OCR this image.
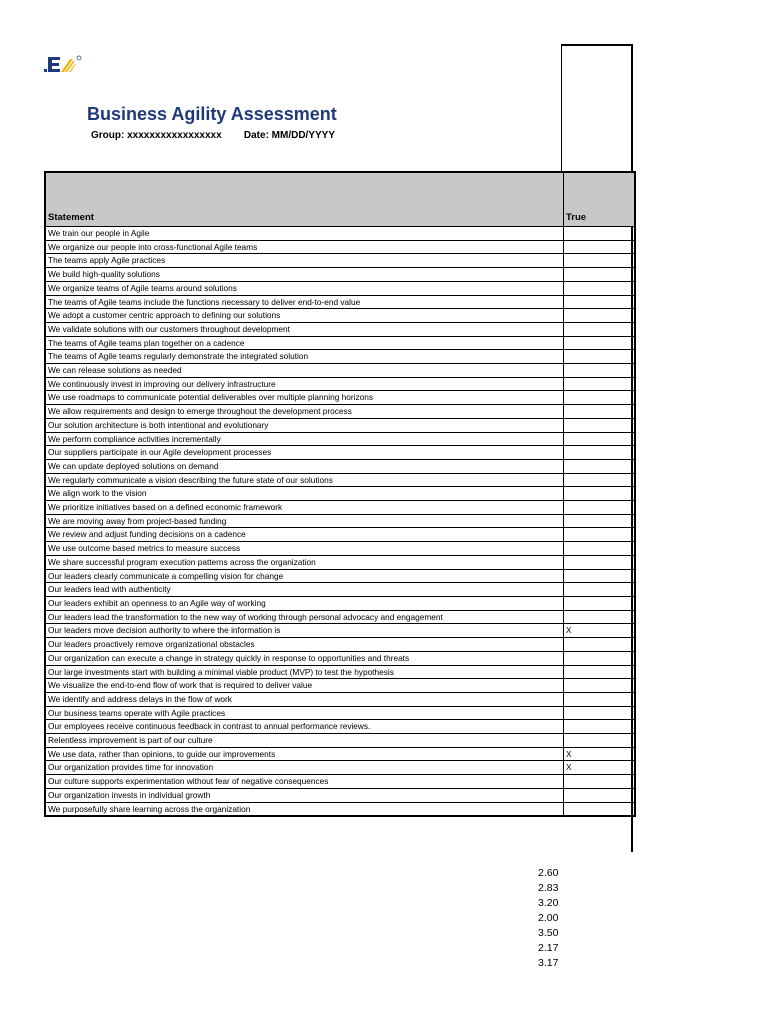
Business Agility Assessment
Group: xxxxxxxxxxxxxxxxx Date: MM/DD/YYYY
Statement	True
We train our people in Agile	
We organize our people into cross-functional Agile teams	
The teams apply Agile practices	
We build high-quality solutions	
We organize teams of Agile teams around solutions	
The teams of Agile teams include the functions necessary to deliver end-to-end value	
We adopt a customer centric approach to defining our solutions	
We validate solutions with our customers throughout development	
The teams of Agile teams plan together on a cadence	
The teams of Agile teams regularly demonstrate the integrated solution	
We can release solutions as needed	
We continuously invest in improving our delivery infrastructure	
We use roadmaps to communicate potential deliverables over multiple planning horizons	
We allow requirements and design to emerge throughout the development process	
Our solution architecture is both intentional and evolutionary	
We perform compliance activities incrementally	
Our suppliers participate in our Agile development processes	
We can update deployed solutions on demand	
We regularly communicate a vision describing the future state of our solutions	
We align work to the vision	
We prioritize initiatives based on a defined economic framework	
We are moving away from project-based funding	
We review and adjust funding decisions on a cadence	
We use outcome based metrics to measure success	
We share successful program execution patterns across the organization	
Our leaders clearly communicate a compelling vision for change	
Our leaders lead with authenticity	
Our leaders exhibit an openness to an Agile way of working	
Our leaders lead the transformation to the new way of working through personal advocacy and engagement	
Our leaders move decision authority to where the information is	X
Our leaders proactively remove organizational obstacles	
Our organization can execute a change in strategy quickly in response to opportunities and threats	
Our large investments start with building a minimal viable product (MVP) to test the hypothesis	
We visualize the end-to-end flow of work that is required to deliver value	
We identify and address delays in the flow of work	
Our business teams operate with Agile practices	
Our employees receive continuous feedback in contrast to annual performance reviews.	
Relentless improvement is part of our culture	
We use data, rather than opinions, to guide our improvements	X
Our organization provides time for innovation	X
Our culture supports experimentation without fear of negative consequences	
Our organization invests in individual growth	
We purposefully share learning across the organization	
2.60
2.83
3.20
2.00
3.50
2.17
3.17
